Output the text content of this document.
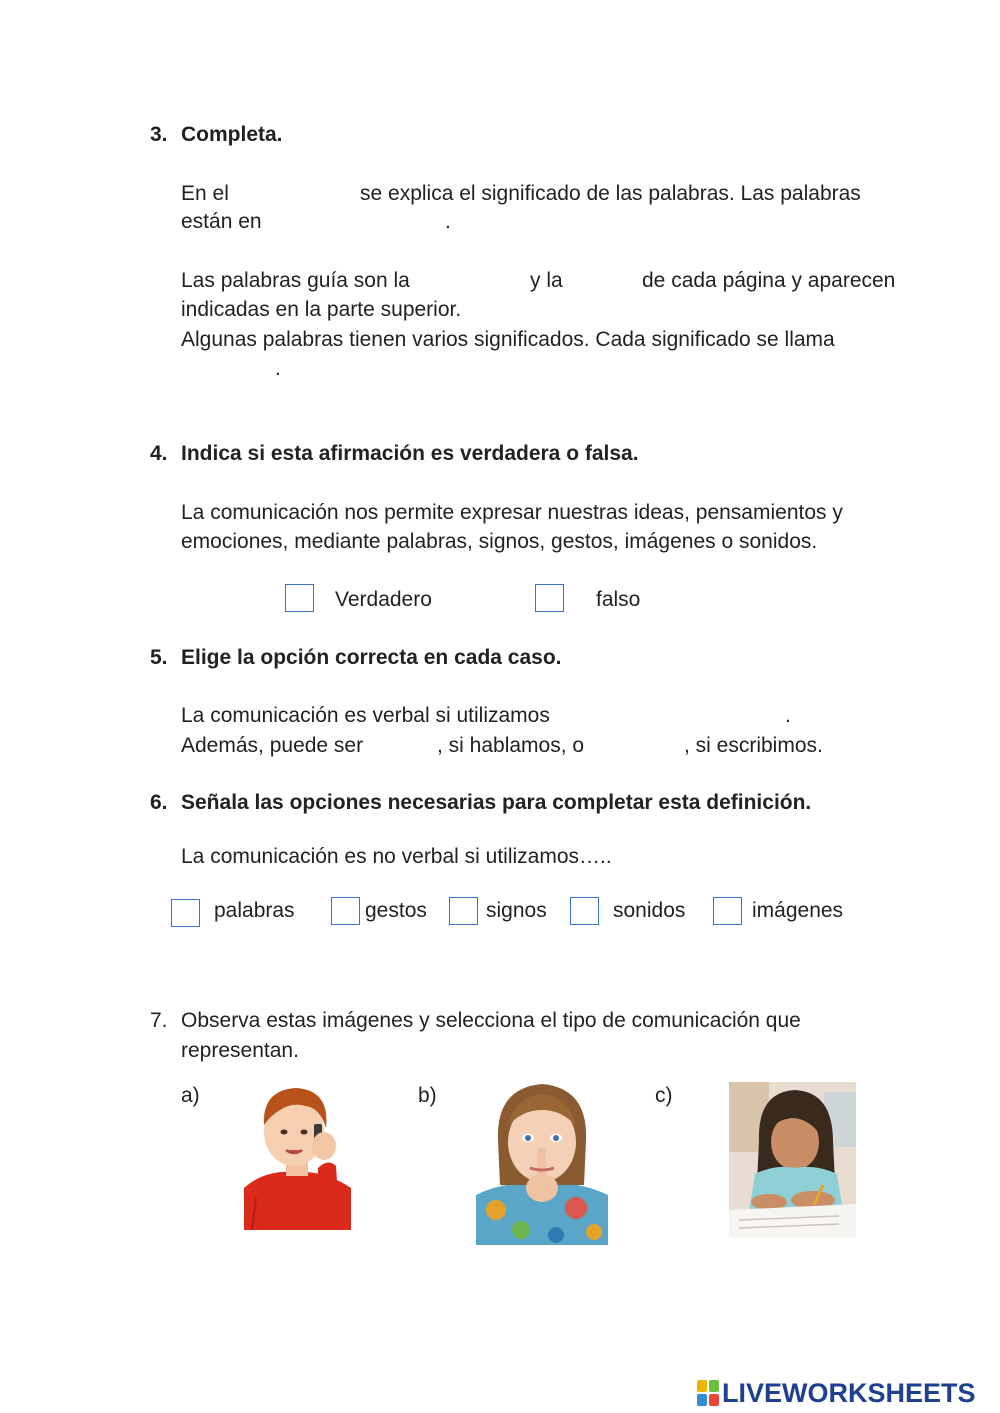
3. Completa.
En el	se explica el significado de las palabras. Las palabras
están en	.
Las palabras guía son la	y la	de cada página y aparecen
indicadas en la parte superior.
Algunas palabras tienen varios significados. Cada significado se llama
.
4. Indica si esta afirmación es verdadera o falsa.
La comunicación nos permite expresar nuestras ideas, pensamientos y
emociones, mediante palabras, signos, gestos, imágenes o sonidos.
Verdadero	falso
5. Elige la opción correcta en cada caso.
La comunicación es verbal si utilizamos	.
Además, puede ser	, si hablamos, o	, si escribimos.
6. Señala las opciones necesarias para completar esta definición.
La comunicación es no verbal si utilizamos…..
palabras	gestos	signos	sonidos	imágenes
7. Observa estas imágenes y selecciona el tipo de comunicación que
representan.
a)	b)	c)
LIVEWORKSHEETS
